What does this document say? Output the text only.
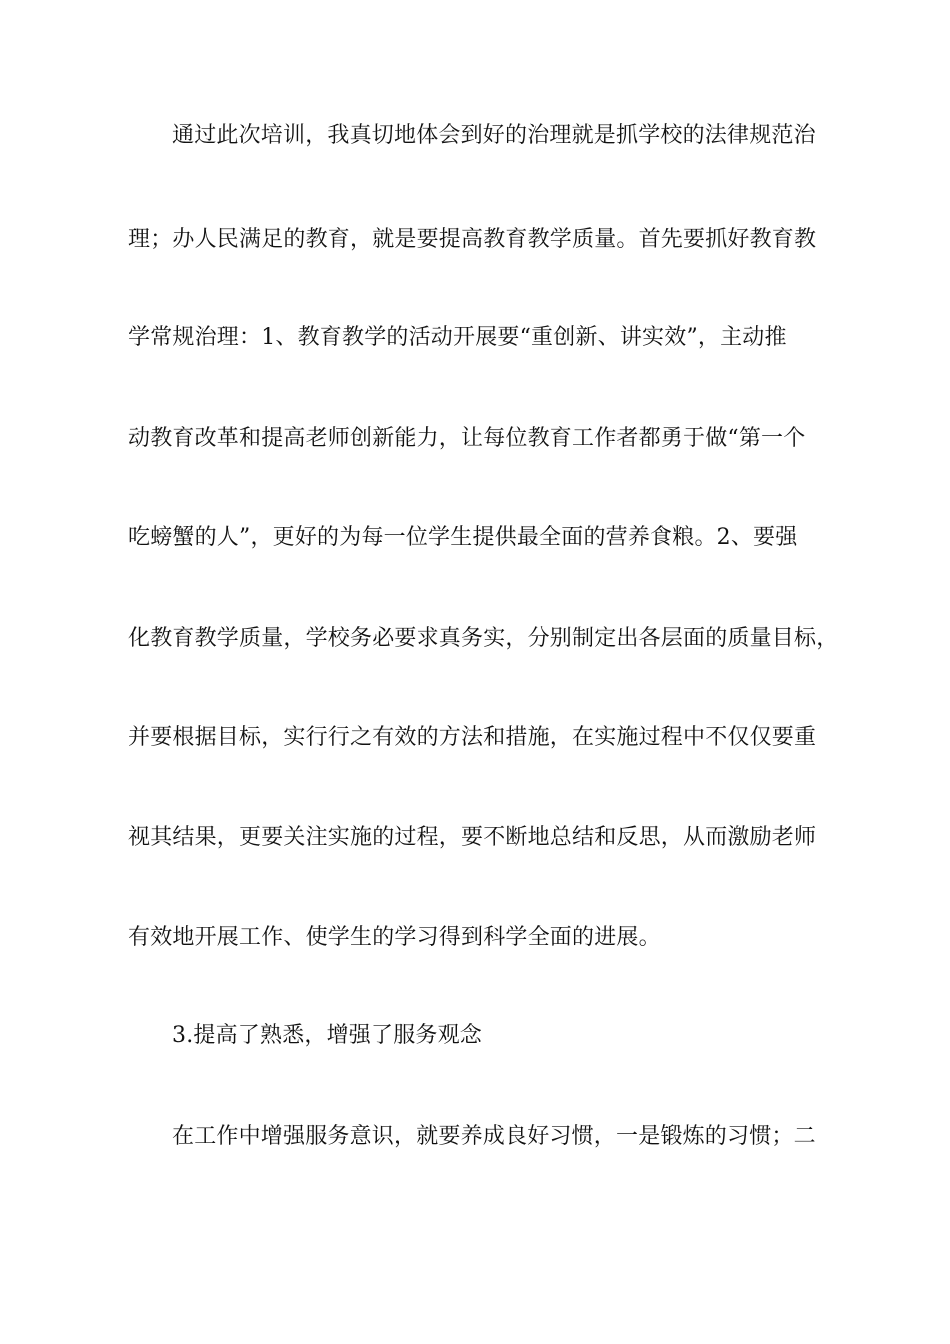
通过此次培训，我真切地体会到好的治理就是抓学校的法律规范治
理；办人民满足的教育，就是要提高教育教学质量。首先要抓好教育教
学常规治理：1、教育教学的活动开展要“重创新、讲实效”，主动推
动教育改革和提高老师创新能力，让每位教育工作者都勇于做“第一个
吃螃蟹的人”，更好的为每一位学生提供最全面的营养食粮。2、要强
化教育教学质量，学校务必要求真务实，分别制定出各层面的质量目标，
并要根据目标，实行行之有效的方法和措施，在实施过程中不仅仅要重
视其结果，更要关注实施的过程，要不断地总结和反思，从而激励老师
有效地开展工作、使学生的学习得到科学全面的进展。
3.提高了熟悉，增强了服务观念
在工作中增强服务意识，就要养成良好习惯，一是锻炼的习惯；二
